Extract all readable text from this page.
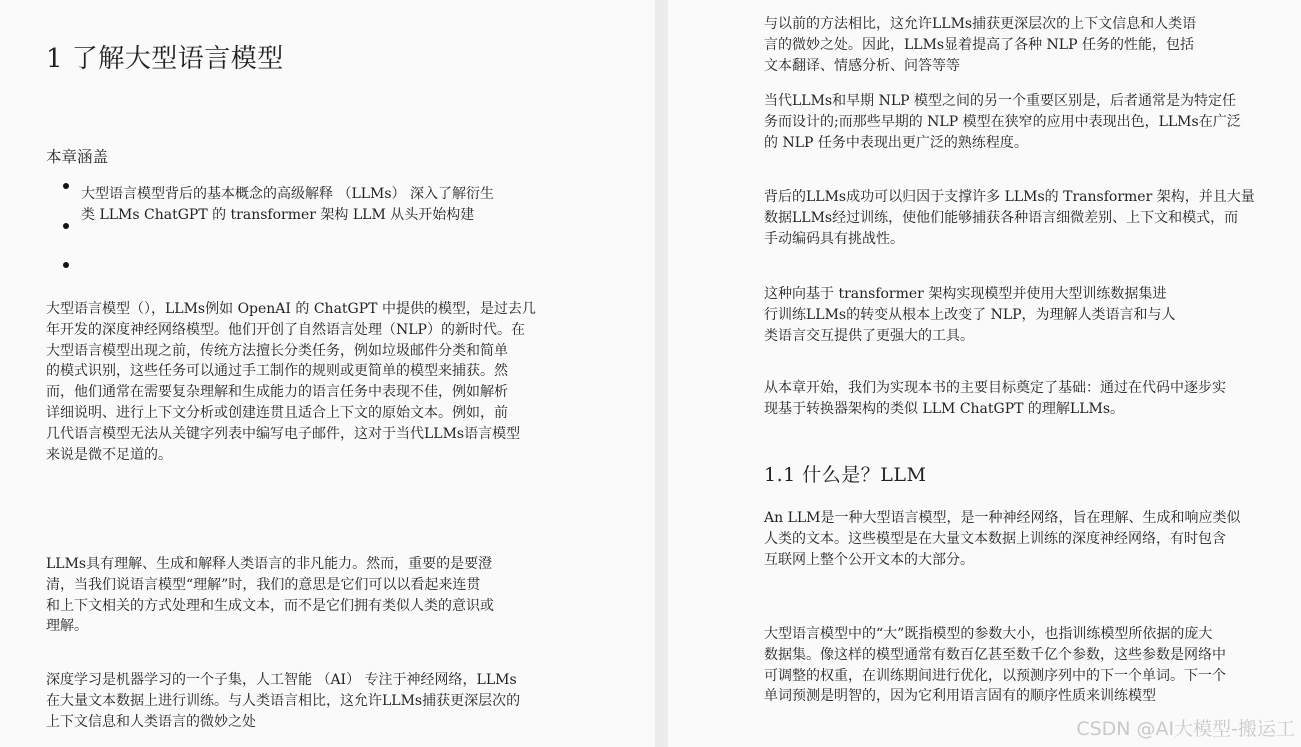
1 了解大型语言模型
本章涵盖

大型语言模型背后的基本概念的高级解释 （LLMs） 深入了解衍生
类 LLMs ChatGPT 的 transformer 架构 LLM 从头开始构建

大型语言模型（），LLMs例如 OpenAI 的 ChatGPT 中提供的模型，是过去几
年开发的深度神经网络模型。他们开创了自然语言处理（NLP）的新时代。在
大型语言模型出现之前，传统方法擅长分类任务，例如垃圾邮件分类和简单
的模式识别，这些任务可以通过手工制作的规则或更简单的模型来捕获。然
而，他们通常在需要复杂理解和生成能力的语言任务中表现不佳，例如解析
详细说明、进行上下文分析或创建连贯且适合上下文的原始文本。例如，前
几代语言模型无法从关键字列表中编写电子邮件，这对于当代LLMs语言模型
来说是微不足道的。

LLMs具有理解、生成和解释人类语言的非凡能力。然而，重要的是要澄
清，当我们说语言模型“理解”时，我们的意思是它们可以以看起来连贯
和上下文相关的方式处理和生成文本，而不是它们拥有类似人类的意识或
理解。

深度学习是机器学习的一个子集，人工智能 （AI） 专注于神经网络，LLMs
在大量文本数据上进行训练。与人类语言相比，这允许LLMs捕获更深层次的
上下文信息和人类语言的微妙之处

与以前的方法相比，这允许LLMs捕获更深层次的上下文信息和人类语
言的微妙之处。因此，LLMs显着提高了各种 NLP 任务的性能，包括
文本翻译、情感分析、问答等等

当代LLMs和早期 NLP 模型之间的另一个重要区别是，后者通常是为特定任
务而设计的;而那些早期的 NLP 模型在狭窄的应用中表现出色，LLMs在广泛
的 NLP 任务中表现出更广泛的熟练程度。

背后的LLMs成功可以归因于支撑许多 LLMs的 Transformer 架构，并且大量
数据LLMs经过训练，使他们能够捕获各种语言细微差别、上下文和模式，而
手动编码具有挑战性。

这种向基于 transformer 架构实现模型并使用大型训练数据集进
行训练LLMs的转变从根本上改变了 NLP，为理解人类语言和与人
类语言交互提供了更强大的工具。

从本章开始，我们为实现本书的主要目标奠定了基础：通过在代码中逐步实
现基于转换器架构的类似 LLM ChatGPT 的理解LLMs。

1.1 什么是？LLM

An LLM是一种大型语言模型，是一种神经网络，旨在理解、生成和响应类似
人类的文本。这些模型是在大量文本数据上训练的深度神经网络，有时包含
互联网上整个公开文本的大部分。

大型语言模型中的“大”既指模型的参数大小，也指训练模型所依据的庞大
数据集。像这样的模型通常有数百亿甚至数千亿个参数，这些参数是网络中
可调整的权重，在训练期间进行优化，以预测序列中的下一个单词。下一个
单词预测是明智的，因为它利用语言固有的顺序性质来训练模型

CSDN @AI大模型-搬运工
